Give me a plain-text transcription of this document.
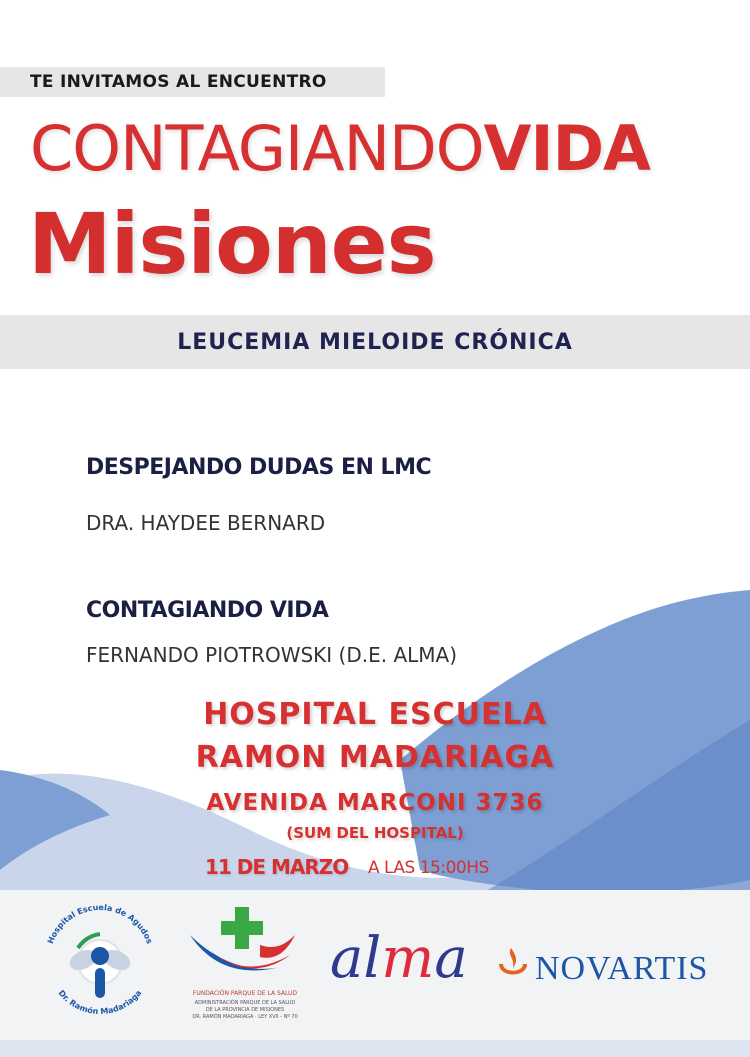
TE INVITAMOS AL ENCUENTRO
CONTAGIANDOVIDA
Misiones
LEUCEMIA MIELOIDE CRÓNICA
DESPEJANDO DUDAS EN LMC
DRA. HAYDEE BERNARD
CONTAGIANDO VIDA
FERNANDO PIOTROWSKI (D.E. ALMA)
HOSPITAL ESCUELA
RAMON MADARIAGA
AVENIDA MARCONI 3736
(SUM DEL HOSPITAL)
11 DE MARZO A LAS 15:00HS
Hospital Escuela de Agudos
Dr. Ramón Madariaga	FUNDACIÓN PARQUE DE LA SALUD
ADMINISTRACIÓN PARQUE DE LA SALUD
DE LA PROVINCIA DE MISIONES
DR. RAMÓN MADARIAGA · LEY XVII - Nº 70
alma NOVARTIS
